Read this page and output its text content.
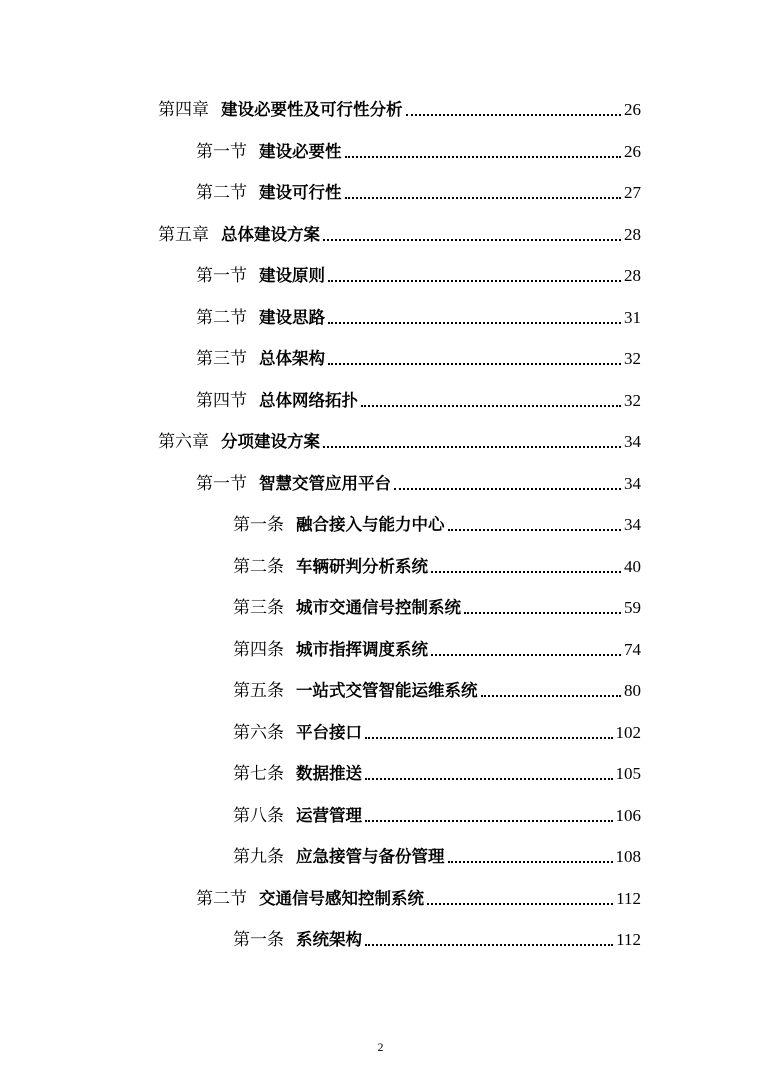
第四章 建设必要性及可行性分析	26
第一节 建设必要性	26
第二节 建设可行性	27
第五章 总体建设方案	28
第一节 建设原则	28
第二节 建设思路	31
第三节 总体架构	32
第四节 总体网络拓扑	32
第六章 分项建设方案	34
第一节 智慧交管应用平台	34
第一条 融合接入与能力中心	34
第二条 车辆研判分析系统	40
第三条 城市交通信号控制系统	59
第四条 城市指挥调度系统	74
第五条 一站式交管智能运维系统	80
第六条 平台接口	102
第七条 数据推送	105
第八条 运营管理	106
第九条 应急接管与备份管理	108
第二节 交通信号感知控制系统	112
第一条 系统架构	112
2
